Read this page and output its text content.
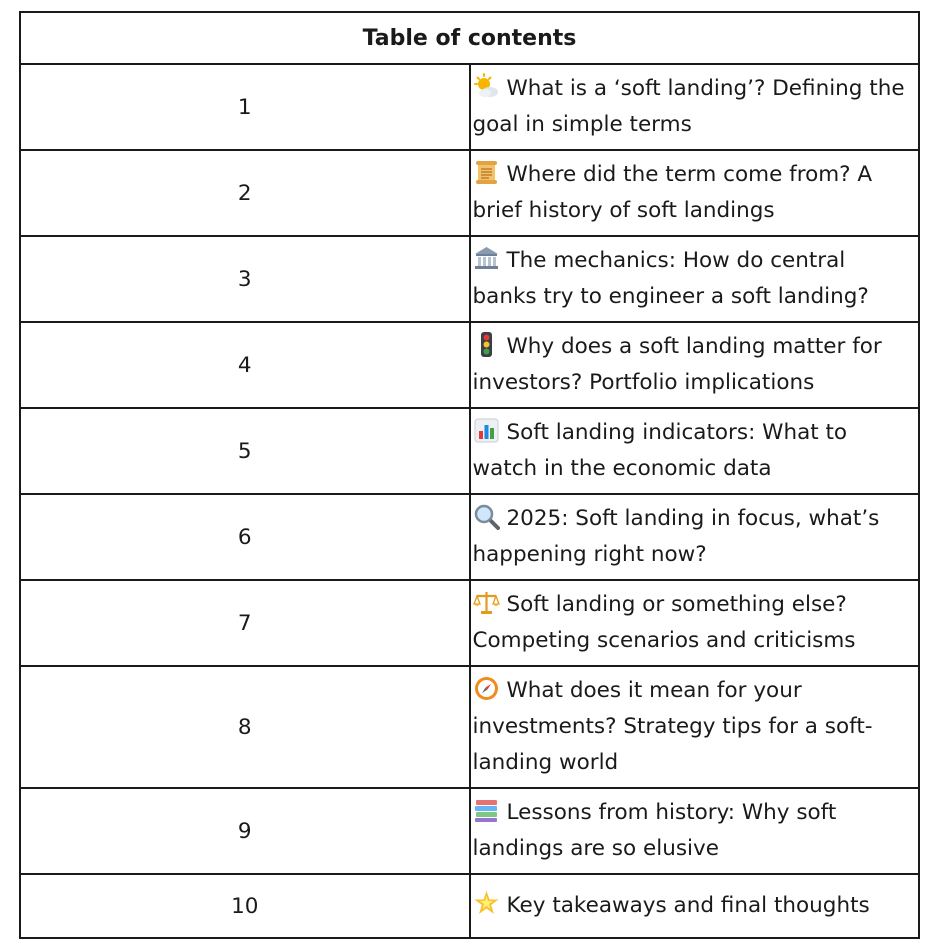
Table of contents	
1	What is a ‘soft landing’? Defining the goal in simple terms
2	Where did the term come from? A brief history of soft landings
3	The mechanics: How do central banks try to engineer a soft landing?
4	Why does a soft landing matter for investors? Portfolio implications
5	Soft landing indicators: What to watch in the economic data
6	2025: Soft landing in focus, what’s happening right now?
7	Soft landing or something else? Competing scenarios and criticisms
8	What does it mean for your investments? Strategy tips for a soft-landing world
9	Lessons from history: Why soft landings are so elusive
10	Key takeaways and final thoughts
